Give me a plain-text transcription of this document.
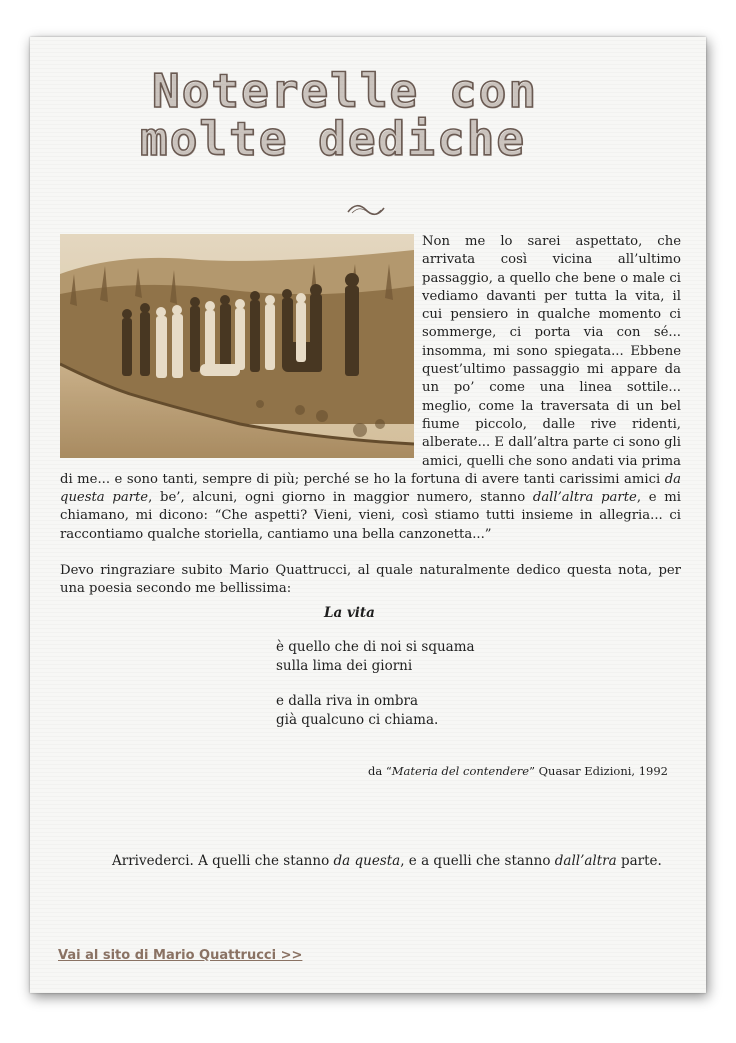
Noterelle con
molte dediche

Non me lo sarei aspettato, che arrivata così vicina all’ultimo passaggio, a quello che bene o male ci vediamo davanti per tutta la vita, il cui pensiero in qualche momento ci sommerge, ci porta via con sé... insomma, mi sono spiegata... Ebbene quest’ultimo passaggio mi appare da un po’ come una linea sottile... meglio, come la traversata di un bel fiume piccolo, dalle rive ridenti, alberate... E dall’altra parte ci sono gli amici, quelli che sono andati via prima di me... e sono tanti, sempre di più; perché se ho la fortuna di avere tanti carissimi amici da questa parte, be’, alcuni, ogni giorno in maggior numero, stanno dall’altra parte, e mi chiamano, mi dicono: “Che aspetti? Vieni, vieni, così stiamo tutti insieme in allegria... ci raccontiamo qualche storiella, cantiamo una bella canzonetta...”

Devo ringraziare subito Mario Quattrucci, al quale naturalmente dedico questa nota, per una poesia secondo me bellissima:

La vita
è quello che di noi si squama
sulla lima dei giorni
e dalla riva in ombra
già qualcuno ci chiama.
da “Materia del contendere” Quasar Edizioni, 1992
Arrivederci. A quelli che stanno da questa, e a quelli che stanno dall’altra parte.
Vai al sito di Mario Quattrucci >>
